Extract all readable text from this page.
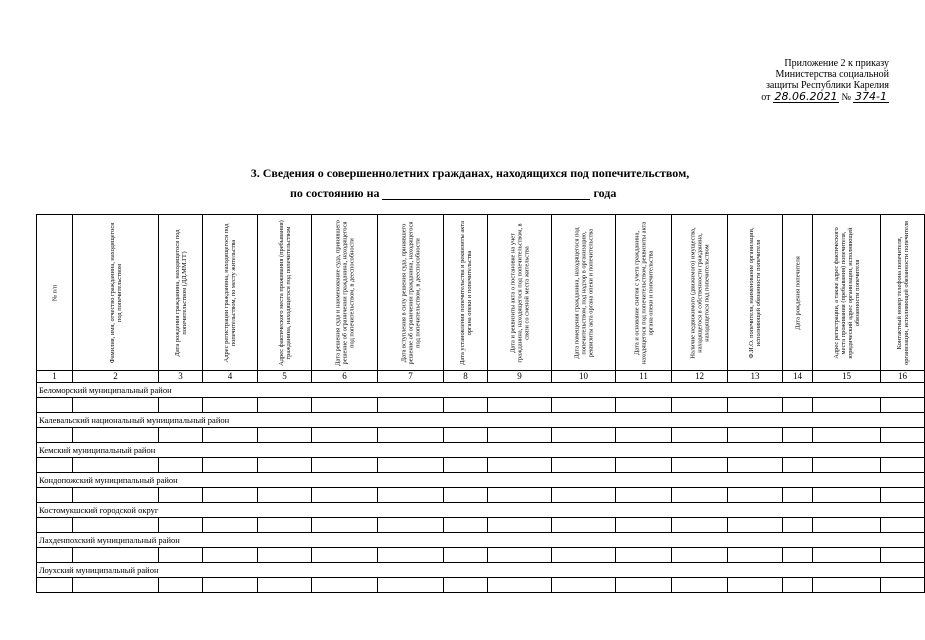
Приложение 2 к приказу
Министерства социальной
защиты Республики Карелия
от 28.06.2021 № 374-1
3. Сведения о совершеннолетних гражданах, находящихся под попечительством,
по состоянию на	года
№ п/п	Фамилия, имя, отчество гражданина, находящегося под попечительством	Дата рождения гражданина, находящегося под попечительством (ДД.ММ.ГГ)	Адрес регистрации гражданина, находящегося под попечительством, по месту жительства	Адрес фактического места проживания (пребывания) гражданина, находящегося под попечительством	Дата решения суда и наименование суда, принявшего решение об ограничении гражданина, находящегося под попечительством, в дееспособности	Дата вступления в силу решения суда, принявшего решение об ограничении гражданина, находящегося под попечительством, в дееспособности	Дата установления попечительства и реквизиты акта органа опеки и попечительства	Дата и реквизиты акта о постановке на учет гражданина, находящегося под попечительством, в связи со сменой места жительства	Дата помещения гражданина, находящегося под попечительством, под надзор в организацию, реквизиты акта органа опеки и попечительства	Дата и основание снятия с учета гражданина, находящегося под попечительством, реквизиты акта органа опеки и попечительства	Наличие недвижимого (движимого) имущества, находящегося в собственности гражданина, находящегося под попечительством	Ф.И.О. попечителя, наименование организации, исполняющей обязанности попечителя	Дата рождения попечителя	Адрес регистрации, а также адрес фактического места проживания (пребывания) попечителя, юридический адрес организации, исполняющей обязанности попечителя	Контактный номер телефона попечителя, организации, исполняющей обязанности попечителя

1	2	3	4	5	6	7	8	9	10	11	12	13	14	15	16
Беломорский муниципальный район															

Калевальский национальный муниципальный район															

Кемский муниципальный район															

Кондопожский муниципальный район															

Костомукшский городской округ															

Лахденпохский муниципальный район															

Лоухский муниципальный район															
